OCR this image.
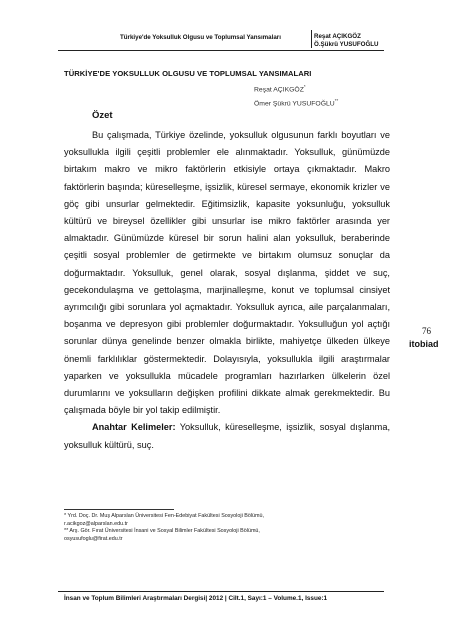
Türkiye'de Yoksulluk Olgusu ve Toplumsal Yansımaları	Reşat AÇIKGÖZ
Ö.Şükrü YUSUFOĞLU
TÜRKİYE'DE YOKSULLUK OLGUSU VE TOPLUMSAL YANSIMALARI
Reşat AÇIKGÖZ*
Ömer Şükrü YUSUFOĞLU**
Özet

Bu çalışmada, Türkiye özelinde, yoksulluk olgusunun farklı boyutları ve yoksullukla ilgili çeşitli problemler ele alınmaktadır. Yoksulluk, günümüzde birtakım makro ve mikro faktörlerin etkisiyle ortaya çıkmaktadır. Makro faktörlerin başında; küreselleşme, işsizlik, küresel sermaye, ekonomik krizler ve göç gibi unsurlar gelmektedir. Eğitimsizlik, kapasite yoksunluğu, yoksulluk kültürü ve bireysel özellikler gibi unsurlar ise mikro faktörler arasında yer almaktadır. Günümüzde küresel bir sorun halini alan yoksulluk, beraberinde çeşitli sosyal problemler de getirmekte ve birtakım olumsuz sonuçlar da doğurmaktadır. Yoksulluk, genel olarak, sosyal dışlanma, şiddet ve suç, gecekondulaşma ve gettolaşma, marjinalleşme, konut ve toplumsal cinsiyet ayrımcılığı gibi sorunlara yol açmaktadır. Yoksulluk ayrıca, aile parçalanmaları, boşanma ve depresyon gibi problemler doğurmaktadır. Yoksulluğun yol açtığı sorunlar dünya genelinde benzer olmakla birlikte, mahiyetçe ülkeden ülkeye önemli farklılıklar göstermektedir. Dolayısıyla, yoksullukla ilgili araştırmalar yaparken ve yoksullukla mücadele programları hazırlarken ülkelerin özel durumlarını ve yoksulların değişken profilini dikkate almak gerekmektedir. Bu çalışmada böyle bir yol takip edilmiştir.

Anahtar Kelimeler: Yoksulluk, küreselleşme, işsizlik, sosyal dışlanma, yoksulluk kültürü, suç.

76
itobiad
* Yrd. Doç. Dr. Muş Alparslan Üniversitesi Fen-Edebiyat Fakültesi Sosyoloji Bölümü,
r.acikgoz@alparslan.edu.tr
** Arş. Gör. Fırat Üniversitesi İnsani ve Sosyal Bilimler Fakültesi Sosyoloji Bölümü,
osyusufoglu@firat.edu.tr
İnsan ve Toplum Bilimleri Araştırmaları Dergisi| 2012 | Cilt.1, Sayı:1 – Volume.1, Issue:1
